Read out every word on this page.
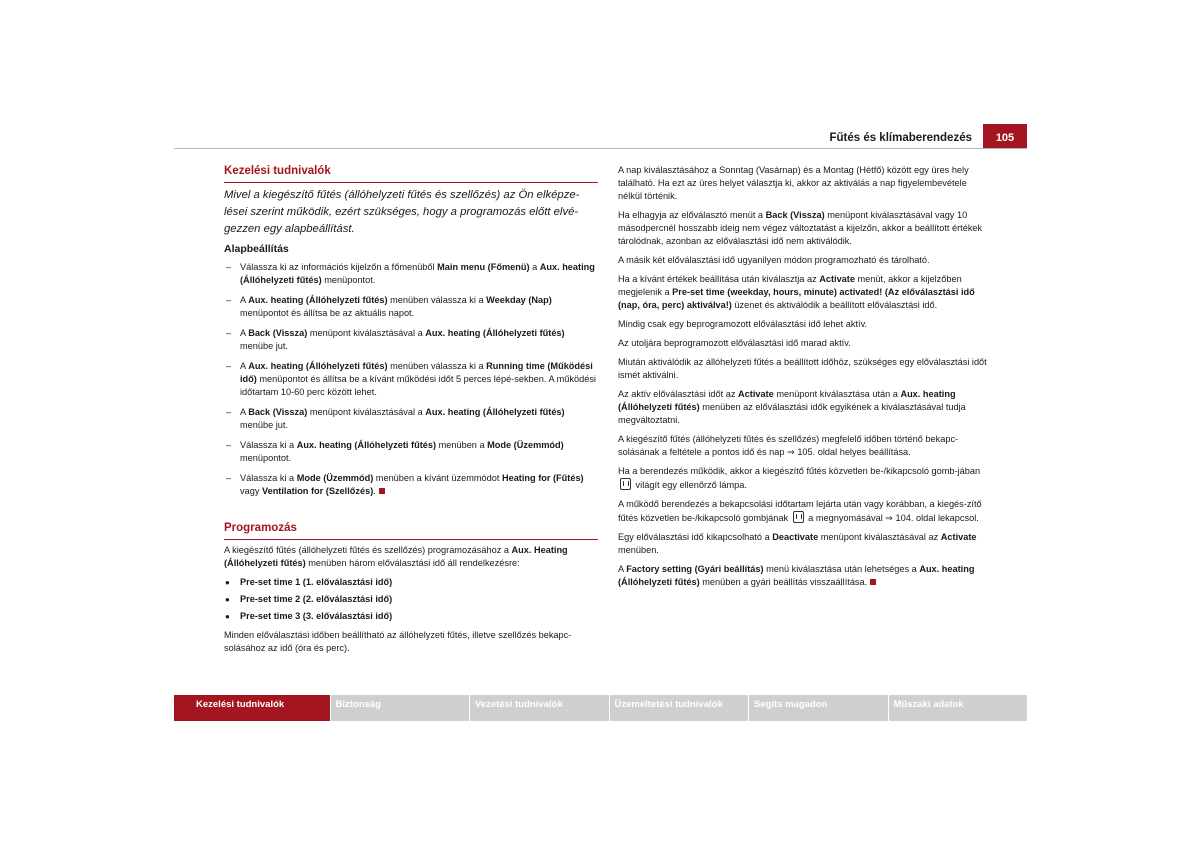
Fűtés és klímaberendezés	105
Kezelési tudnivalók
Mivel a kiegészítő fűtés (állóhelyzeti fűtés és szellőzés) az Ön elképze-lései szerint működik, ezért szükséges, hogy a programozás előtt elvé-gezzen egy alapbeállítást.
Alapbeállítás
– Válassza ki az információs kijelzőn a főmenüből Main menu (Főmenü) a Aux. heating (Állóhelyzeti fűtés) menüpontot.
– A Aux. heating (Állóhelyzeti fűtés) menüben válassza ki a Weekday (Nap) menüpontot és állítsa be az aktuális napot.
– A Back (Vissza) menüpont kiválasztásával a Aux. heating (Állóhelyzeti fűtés) menübe jut.
– A Aux. heating (Állóhelyzeti fűtés) menüben válassza ki a Running time (Működési idő) menüpontot és állítsa be a kívánt működési időt 5 perces lépé-sekben. A működési időtartam 10-60 perc között lehet.
– A Back (Vissza) menüpont kiválasztásával a Aux. heating (Állóhelyzeti fűtés) menübe jut.
– Válassza ki a Aux. heating (Állóhelyzeti fűtés) menüben a Mode (Üzemmód) menüpontot.
– Válassza ki a Mode (Üzemmód) menüben a kívánt üzemmódot Heating for (Fűtés) vagy Ventilation for (Szellőzés).
Programozás

A kiegészítő fűtés (állóhelyzeti fűtés és szellőzés) programozásához a Aux. Heating (Állóhelyzeti fűtés) menüben három előválasztási idő áll rendelkezésre:

● Pre-set time 1 (1. előválasztási idő)
● Pre-set time 2 (2. előválasztási idő)
● Pre-set time 3 (3. előválasztási idő)

Minden előválasztási időben beállítható az állóhelyzeti fűtés, illetve szellőzés bekapc-solásához az idő (óra és perc).

A nap kiválasztásához a Sonntag (Vasárnap) és a Montag (Hétfő) között egy üres hely található. Ha ezt az üres helyet választja ki, akkor az aktiválás a nap figyelembevétele nélkül történik.

Ha elhagyja az előválasztó menüt a Back (Vissza) menüpont kiválasztásával vagy 10 másodpercnél hosszabb ideig nem végez változtatást a kijelzőn, akkor a beállított értékek tárolódnak, azonban az előválasztási idő nem aktiválódik.

A másik két előválasztási idő ugyanilyen módon programozható és tárolható.

Ha a kívánt értékek beállítása után kiválasztja az Activate menüt, akkor a kijelzőben megjelenik a Pre-set time (weekday, hours, minute) activated! (Az előválasztási idő (nap, óra, perc) aktiválva!) üzenet és aktiválódik a beállított előválasztási idő.

Mindig csak egy beprogramozott előválasztási idő lehet aktív.

Az utoljára beprogramozott előválasztási idő marad aktív.

Miután aktiválódik az állóhelyzeti fűtés a beállított időhöz, szükséges egy előválasztási időt ismét aktiválni.

Az aktív előválasztási időt az Activate menüpont kiválasztása után a Aux. heating (Állóhelyzeti fűtés) menüben az előválasztási idők egyikének a kiválasztásával tudja megváltoztatni.

A kiegészítő fűtés (állóhelyzeti fűtés és szellőzés) megfelelő időben történő bekapc-solásának a feltétele a pontos idő és nap ⇒ 105. oldal helyes beállítása.

Ha a berendezés működik, akkor a kiegészítő fűtés közvetlen be-/kikapcsoló gomb-jában  világít egy ellenőrző lámpa.

A működő berendezés a bekapcsolási időtartam lejárta után vagy korábban, a kiegés-zítő fűtés közvetlen be-/kikapcsoló gombjának  a megnyomásával ⇒ 104. oldal lekapcsol.

Egy előválasztási idő kikapcsolható a Deactivate menüpont kiválasztásával az Activate menüben.

A Factory setting (Gyári beállítás) menü kiválasztása után lehetséges a Aux. heating (Állóhelyzeti fűtés) menüben a gyári beállítás visszaállítása.

Kezelési tudnivalók	Biztonság	Vezetési tudnivalók	Üzemeltetési tudnivalók	Segíts magadon	Műszaki adatok
